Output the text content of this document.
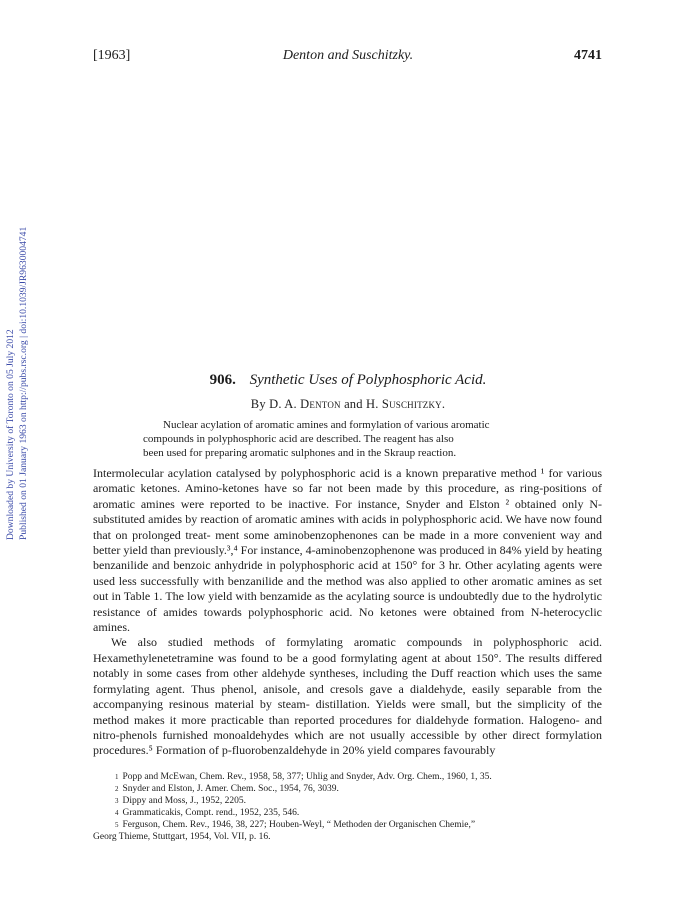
[1963]	Denton and Suschitzky.	4741
Downloaded by University of Toronto on 05 July 2012 Published on 01 January 1963 on http://pubs.rsc.org | doi:10.1039/JR9630004741	906. Synthetic Uses of Polyphosphoric Acid.
By D. A. Denton and H. Suschitzky.
Nuclear acylation of aromatic amines and formylation of various aromatic
compounds in polyphosphoric acid are described. The reagent has also
been used for preparing aromatic sulphones and in the Skraup reaction.

Intermolecular acylation catalysed by polyphosphoric acid is a known preparative method ¹ for various aromatic ketones. Amino-ketones have so far not been made by this procedure, as ring-positions of aromatic amines were reported to be inactive. For instance, Snyder and Elston ² obtained only N-substituted amides by reaction of aromatic amines with acids in polyphosphoric acid. We have now found that on prolonged treat- ment some aminobenzophenones can be made in a more convenient way and better yield than previously.³,⁴ For instance, 4-aminobenzophenone was produced in 84% yield by heating benzanilide and benzoic anhydride in polyphosphoric acid at 150° for 3 hr. Other acylating agents were used less successfully with benzanilide and the method was also applied to other aromatic amines as set out in Table 1. The low yield with benzamide as the acylating source is undoubtedly due to the hydrolytic resistance of amides towards polyphosphoric acid. No ketones were obtained from N-heterocyclic amines.

We also studied methods of formylating aromatic compounds in polyphosphoric acid. Hexamethylenetetramine was found to be a good formylating agent at about 150°. The results differed notably in some cases from other aldehyde syntheses, including the Duff reaction which uses the same formylating agent. Thus phenol, anisole, and cresols gave a dialdehyde, easily separable from the accompanying resinous material by steam- distillation. Yields were small, but the simplicity of the method makes it more practicable than reported procedures for dialdehyde formation. Halogeno- and nitro-phenols furnished monoaldehydes which are not usually accessible by other direct formylation procedures.⁵ Formation of p-fluorobenzaldehyde in 20% yield compares favourably

$^1$ Popp and McEwan, Chem. Rev., 1958, 58, 377; Uhlig and Snyder, Adv. Org. Chem., 1960, 1, 35.
$^2$ Snyder and Elston, J. Amer. Chem. Soc., 1954, 76, 3039.
$^3$ Dippy and Moss, J., 1952, 2205.
$^4$ Grammaticakis, Compt. rend., 1952, 235, 546.
$^5$ Ferguson, Chem. Rev., 1946, 38, 227; Houben-Weyl, “ Methoden der Organischen Chemie,”
Georg Thieme, Stuttgart, 1954, Vol. VII, p. 16.
